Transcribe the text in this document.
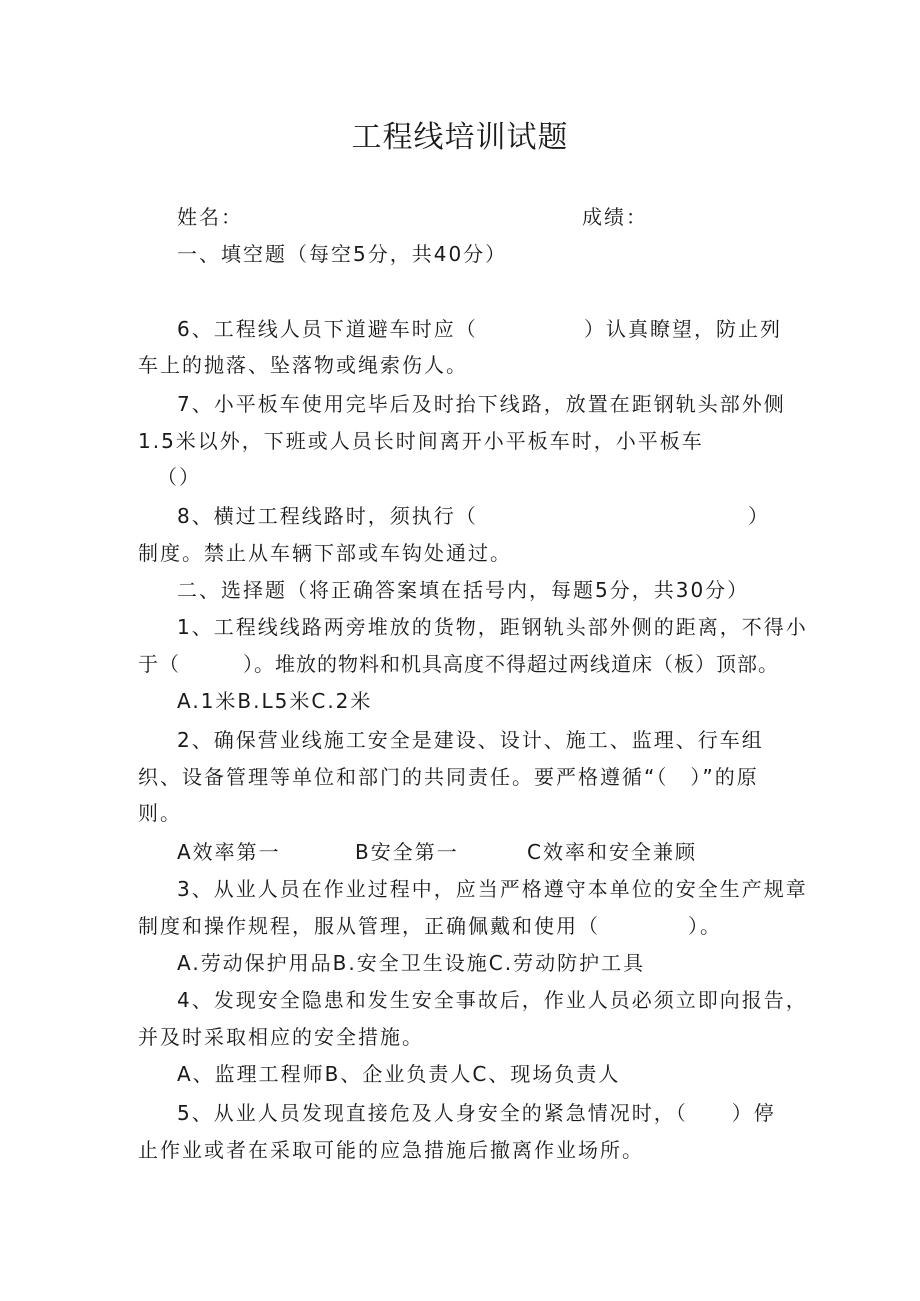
工程线培训试题
姓名：	成绩：
一、填空题（每空5分，共40分）
6、工程线人员下道避车时应（	）认真瞭望，防止列
车上的抛落、坠落物或绳索伤人。
7、小平板车使用完毕后及时抬下线路，放置在距钢轨头部外侧
1.5米以外，下班或人员长时间离开小平板车时，小平板车
（）
8、横过工程线路时，须执行（	）
制度。禁止从车辆下部或车钩处通过。
二、选择题（将正确答案填在括号内，每题5分，共30分）
1、工程线线路两旁堆放的货物，距钢轨头部外侧的距离，不得小
于（　　　）。堆放的物料和机具高度不得超过两线道床（板）顶部。
A.1米B.L5米C.2米
2、确保营业线施工安全是建设、设计、施工、监理、行车组
织、设备管理等单位和部门的共同责任。要严格遵循“（　）”的原
则。
A效率第一	B安全第一	C效率和安全兼顾
3、从业人员在作业过程中，应当严格遵守本单位的安全生产规章
制度和操作规程，服从管理，正确佩戴和使用（　　　　）。
A.劳动保护用品B.安全卫生设施C.劳动防护工具
4、发现安全隐患和发生安全事故后，作业人员必须立即向报告，
并及时采取相应的安全措施。
A、监理工程师B、企业负责人C、现场负责人
5、从业人员发现直接危及人身安全的紧急情况时，（　　）停
止作业或者在采取可能的应急措施后撤离作业场所。
